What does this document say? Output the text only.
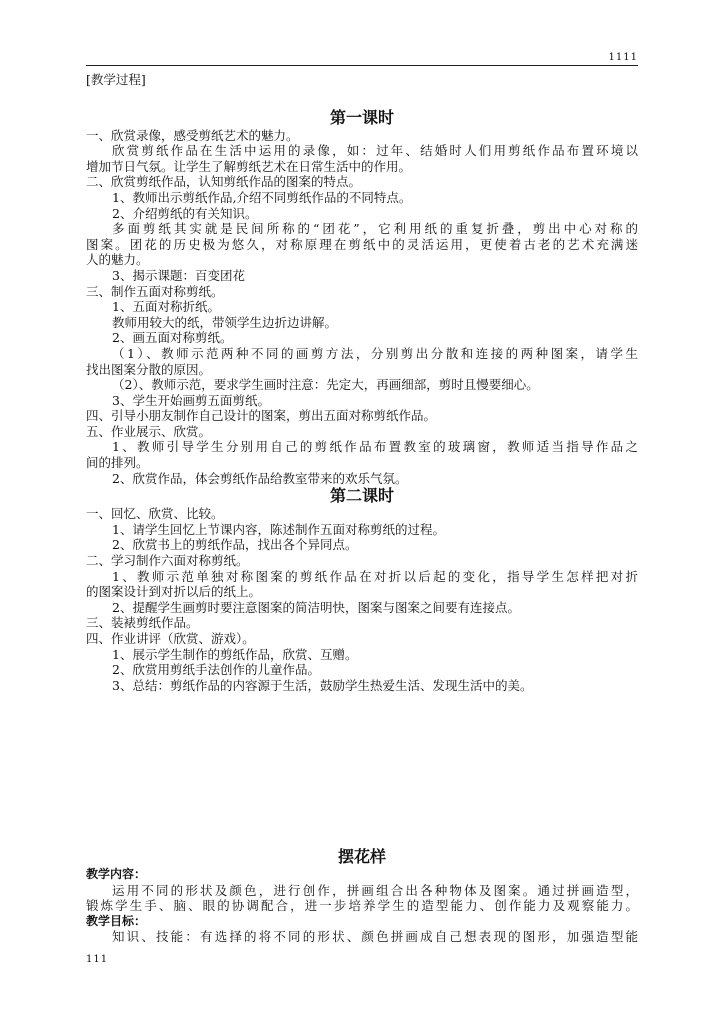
1111
[教学过程]
第一课时
一、欣赏录像，感受剪纸艺术的魅力。
欣赏剪纸作品在生活中运用的录像，如：过年、结婚时人们用剪纸作品布置环境以
增加节日气氛。让学生了解剪纸艺术在日常生活中的作用。
二、欣赏剪纸作品，认知剪纸作品的图案的特点。
1、教师出示剪纸作品,介绍不同剪纸作品的不同特点。
2、介绍剪纸的有关知识。
多面剪纸其实就是民间所称的“团花”，它利用纸的重复折叠，剪出中心对称的
图案。团花的历史极为悠久，对称原理在剪纸中的灵活运用，更使着古老的艺术充满迷
人的魅力。
3、揭示课题：百变团花
三、制作五面对称剪纸。
1、五面对称折纸。
教师用较大的纸，带领学生边折边讲解。
2、画五面对称剪纸。
（1）、教师示范两种不同的画剪方法，分别剪出分散和连接的两种图案，请学生
找出图案分散的原因。
（2）、教师示范，要求学生画时注意：先定大，再画细部，剪时且慢要细心。
3、学生开始画剪五面剪纸。
四、引导小朋友制作自己设计的图案，剪出五面对称剪纸作品。
五、作业展示、欣赏。
1、教师引导学生分别用自己的剪纸作品布置教室的玻璃窗，教师适当指导作品之
间的排列。
2、欣赏作品，体会剪纸作品给教室带来的欢乐气氛。
第二课时
一、回忆、欣赏、比较。
1、请学生回忆上节课内容，陈述制作五面对称剪纸的过程。
2、欣赏书上的剪纸作品，找出各个异同点。
二、学习制作六面对称剪纸。
1、教师示范单独对称图案的剪纸作品在对折以后起的变化，指导学生怎样把对折
的图案设计到对折以后的纸上。
2、提醒学生画剪时要注意图案的简洁明快，图案与图案之间要有连接点。
三、装裱剪纸作品。
四、作业讲评（欣赏、游戏）。
1、展示学生制作的剪纸作品，欣赏、互赠。
2、欣赏用剪纸手法创作的儿童作品。
3、总结：剪纸作品的内容源于生活，鼓励学生热爱生活、发现生活中的美。
摆花样
教学内容：
运用不同的形状及颜色，进行创作，拼画组合出各种物体及图案。通过拼画造型，
锻炼学生手、脑、眼的协调配合，进一步培养学生的造型能力、创作能力及观察能力。
教学目标：
知识、技能：有选择的将不同的形状、颜色拼画成自己想表现的图形，加强造型能
111
